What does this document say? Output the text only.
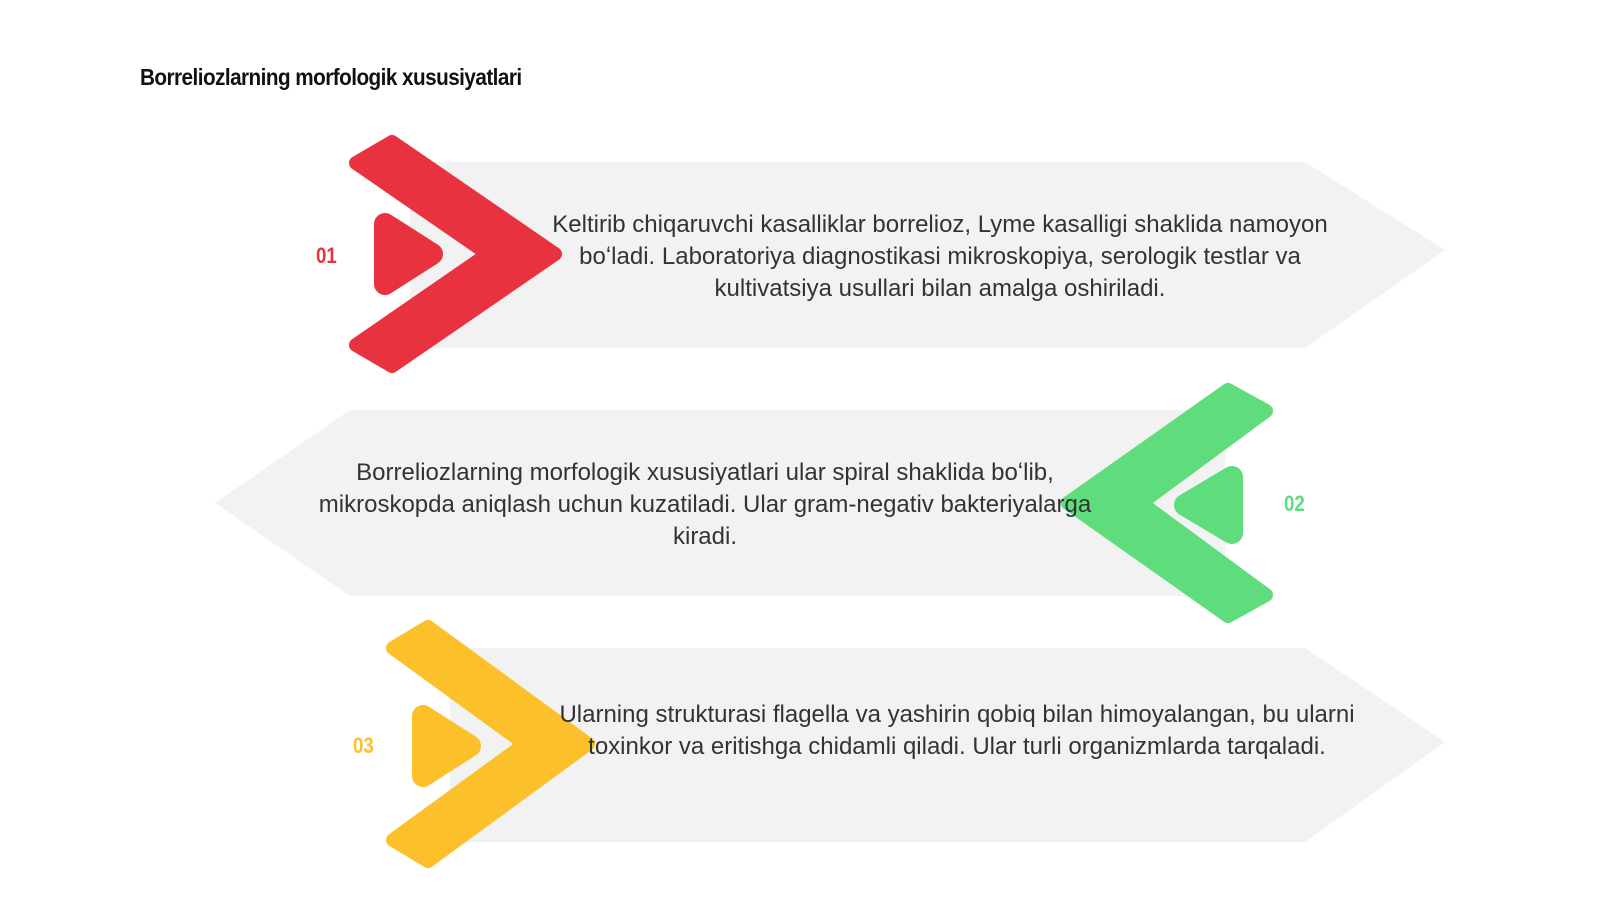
Borreliozlarning morfologik xususiyatlari
01
02
03
Keltirib chiqaruvchi kasalliklar borrelioz, Lyme kasalligi shaklida namoyon boʻladi. Laboratoriya diagnostikasi mikroskopiya, serologik testlar va kultivatsiya usullari bilan amalga oshiriladi.
Borreliozlarning morfologik xususiyatlari ular spiral shaklida boʻlib, mikroskopda aniqlash uchun kuzatiladi. Ular gram-negativ bakteriyalarga kiradi.
Ularning strukturasi flagella va yashirin qobiq bilan himoyalangan, bu ularni toxinkor va eritishga chidamli qiladi. Ular turli organizmlarda tarqaladi.
